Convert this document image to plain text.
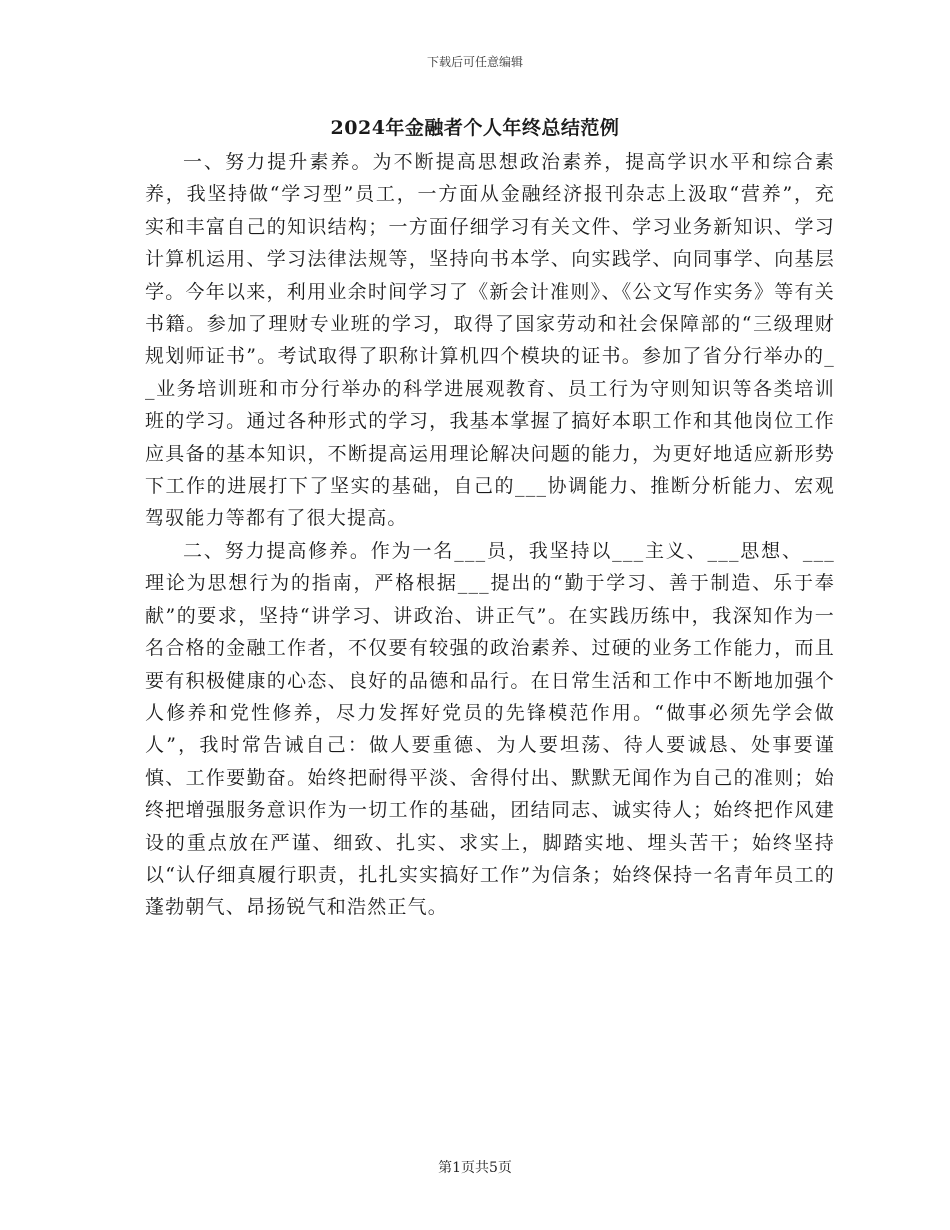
下载后可任意编辑
2024年金融者个人年终总结范例

一、努力提升素养。为不断提高思想政治素养，提高学识水平和综合素养，我坚持做“学习型”员工，一方面从金融经济报刊杂志上汲取“营养”，充实和丰富自己的知识结构；一方面仔细学习有关文件、学习业务新知识、学习计算机运用、学习法律法规等，坚持向书本学、向实践学、向同事学、向基层学。今年以来，利用业余时间学习了《新会计准则》、《公文写作实务》等有关书籍。参加了理财专业班的学习，取得了国家劳动和社会保障部的“三级理财规划师证书”。考试取得了职称计算机四个模块的证书。参加了省分行举办的__业务培训班和市分行举办的科学进展观教育、员工行为守则知识等各类培训班的学习。通过各种形式的学习，我基本掌握了搞好本职工作和其他岗位工作应具备的基本知识，不断提高运用理论解决问题的能力，为更好地适应新形势下工作的进展打下了坚实的基础，自己的___协调能力、推断分析能力、宏观驾驭能力等都有了很大提高。

二、努力提高修养。作为一名___员，我坚持以___主义、___思想、___理论为思想行为的指南，严格根据___提出的“勤于学习、善于制造、乐于奉献”的要求，坚持“讲学习、讲政治、讲正气”。在实践历练中，我深知作为一名合格的金融工作者，不仅要有较强的政治素养、过硬的业务工作能力，而且要有积极健康的心态、良好的品德和品行。在日常生活和工作中不断地加强个人修养和党性修养，尽力发挥好党员的先锋模范作用。“做事必须先学会做人”，我时常告诫自己：做人要重德、为人要坦荡、待人要诚恳、处事要谨慎、工作要勤奋。始终把耐得平淡、舍得付出、默默无闻作为自己的准则；始终把增强服务意识作为一切工作的基础，团结同志、诚实待人；始终把作风建设的重点放在严谨、细致、扎实、求实上，脚踏实地、埋头苦干；始终坚持以“认仔细真履行职责，扎扎实实搞好工作”为信条；始终保持一名青年员工的蓬勃朝气、昂扬锐气和浩然正气。

第1页共5页
